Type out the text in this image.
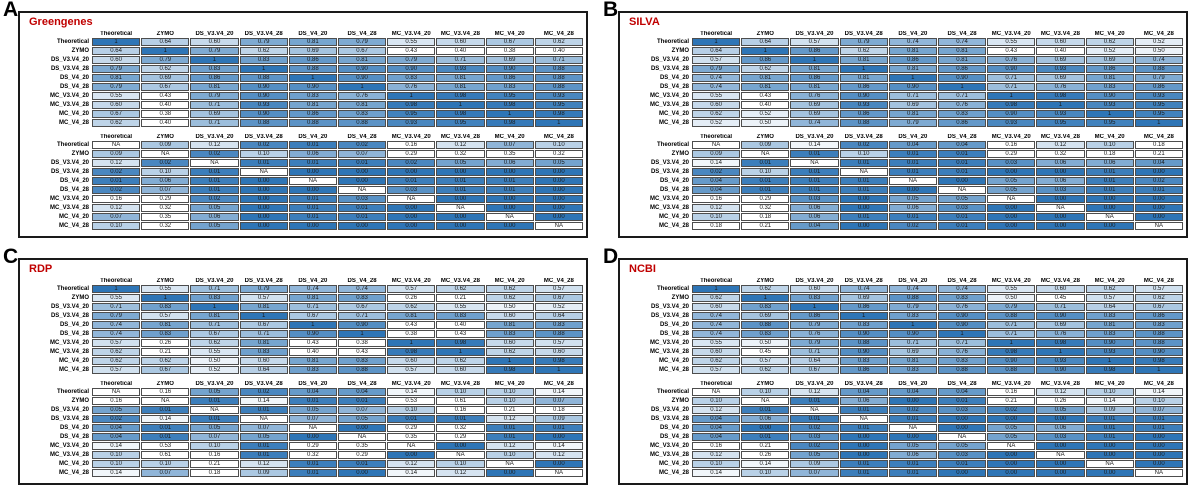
A
Greengenes
	Theoretical	ZYMO	DS_V3.V4_20	DS_V3.V4_28	DS_V4_20	DS_V4_28	MC_V3.V4_20	MC_V3.V4_28	MC_V4_20	MC_V4_28
Theoretical	1	0.64	0.60	0.79	0.81	0.79	0.55	0.60	0.67	0.62
ZYMO	0.64	1	0.79	0.62	0.69	0.67	0.43	0.40	0.38	0.40
DS_V3.V4_20	0.60	0.79	1	0.83	0.86	0.81	0.79	0.71	0.69	0.71
DS_V3.V4_28	0.79	0.62	0.83	1	0.88	0.90	0.90	0.93	0.90	0.88
DS_V4_20	0.81	0.69	0.86	0.88	1	0.90	0.83	0.81	0.86	0.88
DS_V4_28	0.79	0.67	0.81	0.90	0.90	1	0.76	0.81	0.83	0.88
MC_V3.V4_20	0.55	0.43	0.79	0.90	0.83	0.76	1	0.98	0.95	0.93
MC_V3.V4_28	0.60	0.40	0.71	0.93	0.81	0.81	0.98	1	0.98	0.95
MC_V4_20	0.67	0.38	0.69	0.90	0.86	0.83	0.95	0.98	1	0.98
MC_V4_28	0.62	0.40	0.71	0.88	0.88	0.88	0.93	0.95	0.98	1
	Theoretical	ZYMO	DS_V3.V4_20	DS_V3.V4_28	DS_V4_20	DS_V4_28	MC_V3.V4_20	MC_V3.V4_28	MC_V4_20	MC_V4_28
Theoretical	NA	0.09	0.12	0.02	0.01	0.02	0.16	0.12	0.07	0.10
ZYMO	0.09	NA	0.02	0.10	0.06	0.07	0.29	0.32	0.35	0.32
DS_V3.V4_20	0.12	0.02	NA	0.01	0.01	0.01	0.02	0.05	0.06	0.05
DS_V3.V4_28	0.02	0.10	0.01	NA	0.00	0.00	0.00	0.00	0.00	0.00
DS_V4_20	0.01	0.06	0.01	0.00	NA	0.00	0.01	0.01	0.01	0.00
DS_V4_28	0.02	0.07	0.01	0.00	0.00	NA	0.03	0.01	0.01	0.00
MC_V3.V4_20	0.16	0.29	0.02	0.00	0.01	0.03	NA	0.00	0.00	0.00
MC_V3.V4_28	0.12	0.32	0.05	0.00	0.01	0.01	0.00	NA	0.00	0.00
MC_V4_20	0.07	0.35	0.06	0.00	0.01	0.01	0.00	0.00	NA	0.00
MC_V4_28	0.10	0.32	0.05	0.00	0.00	0.00	0.00	0.00	0.00	NA
B
SILVA
	Theoretical	ZYMO	DS_V3.V4_20	DS_V3.V4_28	DS_V4_20	DS_V4_28	MC_V3.V4_20	MC_V3.V4_28	MC_V4_20	MC_V4_28
Theoretical	1	0.64	0.57	0.79	0.74	0.74	0.55	0.60	0.62	0.52
ZYMO	0.64	1	0.86	0.62	0.81	0.81	0.43	0.40	0.52	0.50
DS_V3.V4_20	0.57	0.86	1	0.81	0.86	0.81	0.76	0.69	0.69	0.74
DS_V3.V4_28	0.79	0.62	0.81	1	0.81	0.86	0.90	0.93	0.86	0.88
DS_V4_20	0.74	0.81	0.86	0.81	1	0.90	0.71	0.69	0.81	0.79
DS_V4_28	0.74	0.81	0.81	0.86	0.90	1	0.71	0.76	0.83	0.86
MC_V3.V4_20	0.55	0.43	0.76	0.90	0.71	0.71	1	0.98	0.90	0.93
MC_V3.V4_28	0.60	0.40	0.69	0.93	0.69	0.76	0.98	1	0.93	0.95
MC_V4_20	0.62	0.52	0.69	0.86	0.81	0.83	0.90	0.93	1	0.95
MC_V4_28	0.52	0.50	0.74	0.88	0.79	0.86	0.93	0.95	0.95	1
	Theoretical	ZYMO	DS_V3.V4_20	DS_V3.V4_28	DS_V4_20	DS_V4_28	MC_V3.V4_20	MC_V3.V4_28	MC_V4_20	MC_V4_28
Theoretical	NA	0.09	0.14	0.02	0.04	0.04	0.16	0.12	0.10	0.18
ZYMO	0.09	NA	0.01	0.10	0.01	0.01	0.29	0.32	0.18	0.21
DS_V3.V4_20	0.14	0.01	NA	0.01	0.01	0.01	0.03	0.06	0.06	0.04
DS_V3.V4_28	0.02	0.10	0.01	NA	0.01	0.01	0.00	0.00	0.01	0.00
DS_V4_20	0.04	0.01	0.01	0.01	NA	0.00	0.05	0.06	0.01	0.02
DS_V4_28	0.04	0.01	0.01	0.01	0.00	NA	0.05	0.03	0.01	0.01
MC_V3.V4_20	0.16	0.29	0.03	0.00	0.05	0.05	NA	0.00	0.00	0.00
MC_V3.V4_28	0.12	0.32	0.06	0.00	0.06	0.03	0.00	NA	0.00	0.00
MC_V4_20	0.10	0.18	0.06	0.01	0.01	0.01	0.00	0.00	NA	0.00
MC_V4_28	0.18	0.21	0.04	0.00	0.02	0.01	0.00	0.00	0.00	NA
C
RDP
	Theoretical	ZYMO	DS_V3.V4_20	DS_V3.V4_28	DS_V4_20	DS_V4_28	MC_V3.V4_20	MC_V3.V4_28	MC_V4_20	MC_V4_28
Theoretical	1	0.55	0.71	0.79	0.74	0.74	0.57	0.62	0.62	0.57
ZYMO	0.55	1	0.83	0.57	0.81	0.83	0.26	0.21	0.62	0.67
DS_V3.V4_20	0.71	0.83	1	0.81	0.71	0.67	0.62	0.55	0.50	0.52
DS_V3.V4_28	0.79	0.57	0.81	1	0.67	0.71	0.81	0.83	0.60	0.64
DS_V4_20	0.74	0.81	0.71	0.67	1	0.90	0.43	0.40	0.81	0.83
DS_V4_28	0.74	0.83	0.67	0.71	0.90	1	0.38	0.43	0.83	0.88
MC_V3.V4_20	0.57	0.26	0.62	0.81	0.43	0.38	1	0.98	0.60	0.57
MC_V3.V4_28	0.62	0.21	0.55	0.83	0.40	0.43	0.98	1	0.62	0.60
MC_V4_20	0.62	0.62	0.50	0.60	0.81	0.83	0.60	0.62	1	0.98
MC_V4_28	0.57	0.67	0.52	0.64	0.83	0.88	0.57	0.60	0.98	1
	Theoretical	ZYMO	DS_V3.V4_20	DS_V3.V4_28	DS_V4_20	DS_V4_28	MC_V3.V4_20	MC_V3.V4_28	MC_V4_20	MC_V4_28
Theoretical	NA	0.16	0.05	0.02	0.04	0.04	0.14	0.10	0.10	0.14
ZYMO	0.16	NA	0.01	0.14	0.01	0.01	0.53	0.61	0.10	0.07
DS_V3.V4_20	0.05	0.01	NA	0.01	0.05	0.07	0.10	0.16	0.21	0.18
DS_V3.V4_28	0.02	0.14	0.01	NA	0.07	0.05	0.01	0.01	0.12	0.09
DS_V4_20	0.04	0.01	0.05	0.07	NA	0.00	0.29	0.32	0.01	0.01
DS_V4_28	0.04	0.01	0.07	0.05	0.00	NA	0.35	0.29	0.01	0.00
MC_V3.V4_20	0.14	0.53	0.10	0.01	0.29	0.35	NA	0.00	0.12	0.14
MC_V3.V4_28	0.10	0.61	0.16	0.01	0.32	0.29	0.00	NA	0.10	0.12
MC_V4_20	0.10	0.10	0.21	0.12	0.01	0.01	0.12	0.10	NA	0.00
MC_V4_28	0.14	0.07	0.18	0.09	0.01	0.00	0.14	0.12	0.00	NA
D
NCBI
	Theoretical	ZYMO	DS_V3.V4_20	DS_V3.V4_28	DS_V4_20	DS_V4_28	MC_V3.V4_20	MC_V3.V4_28	MC_V4_20	MC_V4_28
Theoretical	1	0.62	0.60	0.74	0.74	0.74	0.55	0.60	0.62	0.57
ZYMO	0.62	1	0.83	0.69	0.88	0.83	0.50	0.45	0.57	0.62
DS_V3.V4_20	0.60	0.83	1	0.86	0.79	0.76	0.79	0.71	0.64	0.67
DS_V3.V4_28	0.74	0.69	0.86	1	0.83	0.90	0.88	0.90	0.83	0.86
DS_V4_20	0.74	0.88	0.79	0.83	1	0.90	0.71	0.69	0.81	0.83
DS_V4_28	0.74	0.83	0.76	0.90	0.90	1	0.71	0.76	0.83	0.88
MC_V3.V4_20	0.55	0.50	0.79	0.88	0.71	0.71	1	0.98	0.90	0.88
MC_V3.V4_28	0.60	0.45	0.71	0.90	0.69	0.76	0.98	1	0.93	0.90
MC_V4_20	0.62	0.57	0.64	0.83	0.81	0.83	0.90	0.93	1	0.98
MC_V4_28	0.57	0.62	0.67	0.86	0.83	0.88	0.88	0.90	0.98	1
	Theoretical	ZYMO	DS_V3.V4_20	DS_V3.V4_28	DS_V4_20	DS_V4_28	MC_V3.V4_20	MC_V3.V4_28	MC_V4_20	MC_V4_28
Theoretical	NA	0.10	0.12	0.04	0.04	0.04	0.16	0.12	0.10	0.14
ZYMO	0.10	NA	0.01	0.06	0.00	0.01	0.21	0.26	0.14	0.10
DS_V3.V4_20	0.12	0.01	NA	0.01	0.02	0.03	0.02	0.05	0.09	0.07
DS_V3.V4_28	0.04	0.06	0.01	NA	0.01	0.00	0.00	0.00	0.01	0.01
DS_V4_20	0.04	0.00	0.02	0.01	NA	0.00	0.05	0.06	0.01	0.01
DS_V4_28	0.04	0.01	0.03	0.00	0.00	NA	0.05	0.03	0.01	0.00
MC_V3.V4_20	0.16	0.21	0.02	0.00	0.05	0.05	NA	0.00	0.00	0.00
MC_V3.V4_28	0.12	0.26	0.05	0.00	0.06	0.03	0.00	NA	0.00	0.00
MC_V4_20	0.10	0.14	0.09	0.01	0.01	0.01	0.00	0.00	NA	0.00
MC_V4_28	0.14	0.10	0.07	0.01	0.01	0.00	0.00	0.00	0.00	NA
